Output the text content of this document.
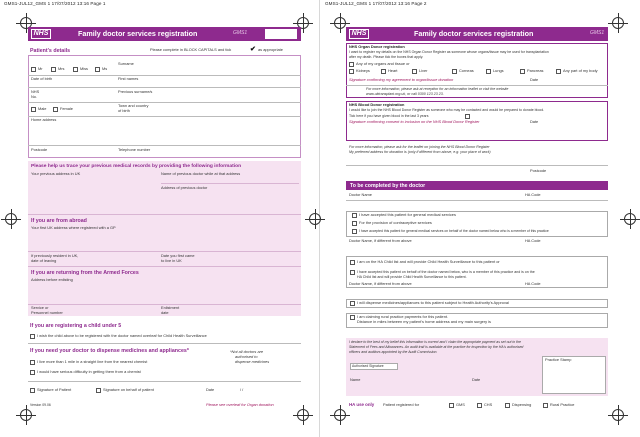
GMS1-JUL12_GMS 1 17/07/2012 13:16 Page 1
NHS	Family doctor services registration	GMS1
Patient's details	Please complete in BLOCK CAPITALS and tick	✔ as appropriate
Mr	Mrs	Miss	Ms
Surname
Date of birth	First names
NHS
No.
Previous surname/s
Male	Female
Town and country
of birth
Home address
Postcode	Telephone number
Please help us trace your previous medical records by providing the following information
Your previous address in UK	Name of previous doctor while at that address
Address of previous doctor
If you are from abroad
Your first UK address where registered with a GP
If previously resident in UK,
date of leaving
Date you first came
to live in UK
If you are returning from the Armed Forces
Address before enlisting
Service or
Personnel number
Enlistment
date
If you are registering a child under 5
I wish the child above to be registered with the doctor named overleaf for Child Health Surveillance
If you need your doctor to dispense medicines and appliances*
I live more than 1 mile in a straight line from the nearest chemist
I would have serious difficulty in getting them from a chemist
*Not all doctors are
authorised to
dispense medicines
Signature of Patient	Signature on behalf of patient	Date	/ /
Version 09.06	Please see overleaf for Organ donation
GMS1-JUL12_GMS 1 17/07/2012 13:16 Page 2
NHS	Family doctor services registration	GMS1
NHS Organ Donor registration
I want to register my details on the NHS Organ Donor Register as someone whose organs/tissue may be used for transplantation
after my death. Please tick the boxes that apply.
Any of my organs and tissue or
Kidneys	Heart	Liver	Corneas	Lungs	Pancreas	Any part of my body
Signature confirming my agreement to organ/tissue donation	Date
For more information, please ask at reception for an information leaflet or visit the website
www.uktransplant.org.uk, or call 0300 123 23 23.
NHS Blood Donor registration
I would like to join the NHS Blood Donor Register as someone who may be contacted and would be prepared to donate blood.
Tick here if you have given blood in the last 3 years
Signature confirming consent to inclusion on the NHS Blood Donor Register	Date
For more information, please ask for the leaflet on joining the NHS Blood Donor Register
My preferred address for donation is (only if different from above, e.g. your place of work)
Postcode
To be completed by the doctor
Doctor Name	HA Code
I have accepted this patient for general medical services
For the provision of contraceptive services
I have accepted this patient for general medical services on behalf of the doctor named below who is a member of this practice
Doctor Name, if different from above	HA Code
I am on the HA Child list and will provide Child Health Surveillance to this patient or
I have accepted this patient on behalf of the doctor named below, who is a member of this practice and is on the
HA Child list and will provide Child Health Surveillance to this patient.
Doctor Name, if different from above	HA Code
I will dispense medicines/appliances to this patient subject to Health Authority's Approval
I am claiming rural practice payments for this patient.
Distance in miles between my patient's home address and my main surgery is
I declare to the best of my belief this information is correct and I claim the appropriate payment as set out in the
Statement of Fees and Allowances. An audit trail is available at the practice for inspection by the HA's authorised
officers and auditors appointed by the Audit Commission.
Authorised Signature
Practice Stamp
Name	Date
HA use only Patient registered for	GMS	CHS	Dispensing	Rural Practice
